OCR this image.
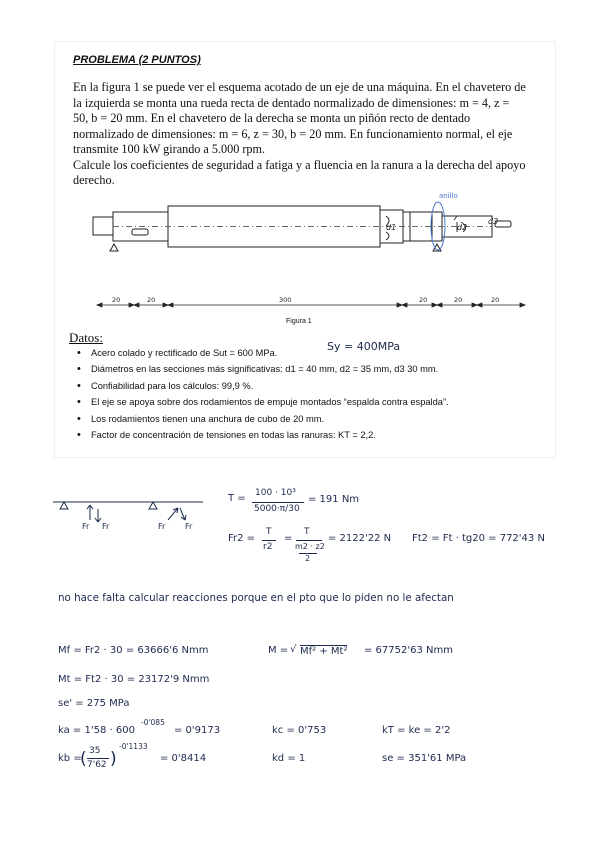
PROBLEMA (2 PUNTOS)

En la figura 1 se puede ver el esquema acotado de un eje de una máquina. En el chavetero de

la izquierda se monta una rueda recta de dentado normalizado de dimensiones: m = 4, z =

50, b = 20 mm. En el chavetero de la derecha se monta un piñón recto de dentado

normalizado de dimensiones: m = 6, z = 30, b = 20 mm. En funcionamiento normal, el eje

transmite 100 kW girando a 5.000 rpm.

Calcule los coeficientes de seguridad a fatiga y a fluencia en la ranura a la derecha del apoyo

derecho.

anillo
d1	d2
d3
20	20	300	20	20	20
Figura 1
Datos:
• Acero colado y rectificado de Sut = 600 MPa.
• Diámetros en las secciones más significativas: d1 = 40 mm, d2 = 35 mm, d3 30 mm.
• Confiabilidad para los cálculos: 99,9 %.
• El eje se apoya sobre dos rodamientos de empuje montados “espalda contra espalda”.
• Los rodamientos tienen una anchura de cubo de 20 mm.
• Factor de concentración de tensiones en todas las ranuras: KT = 2,2.
Sy = 400MPa
Fr Fr	Fr Fr
T = 100 · 10³
5000·π/30
= 191 Nm
Fr2 =
T
r2
=
T
m2 · z2
2
= 2122'22 N Ft2 = Ft · tg20 = 772'43 N
no hace falta calcular reacciones porque en el pto que lo piden no le afectan
Mf = Fr2 · 30 = 63666'6 Nmm	M = √ Mf² + Mt² = 67752'63 Nmm
Mt = Ft2 · 30 = 23172'9 Nmm
se' = 275 MPa
ka = 1'58 · 600
-0'085
= 0'9173	kc = 0'753	kT = ke = 2'2
kb =
( 35
7'62 )
-0'1133
= 0'8414	kd = 1	se = 351'61 MPa
